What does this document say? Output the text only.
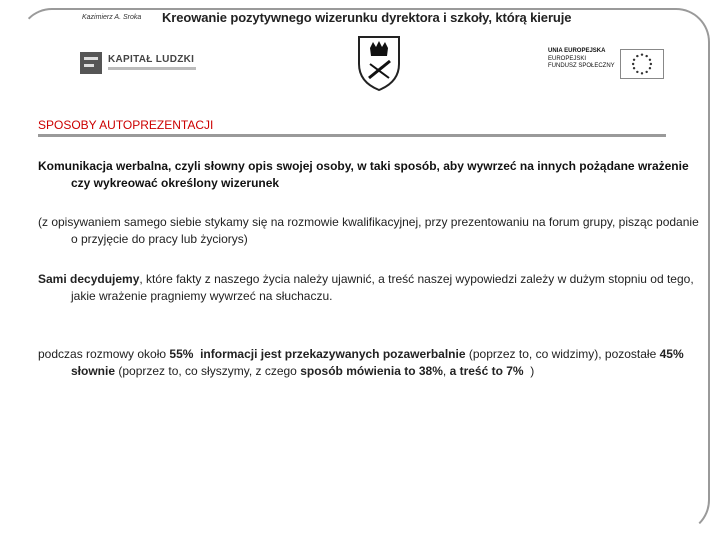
Kazimierz A. Sroka Kreowanie pozytywnego wizerunku dyrektora i szkoły, którą kieruje
KAPITAŁ LUDZKI
UNIA EUROPEJSKA
EUROPEJSKI
FUNDUSZ SPOŁECZNY
SPOSOBY AUTOPREZENTACJI
Komunikacja werbalna, czyli słowny opis swojej osoby, w taki sposób, aby wywrzeć na innych pożądane wrażenie czy wykreować określony wizerunek
(z opisywaniem samego siebie stykamy się na rozmowie kwalifikacyjnej, przy prezentowaniu na forum grupy, pisząc podanie o przyjęcie do pracy lub życiorys)
Sami decydujemy, które fakty z naszego życia należy ujawnić, a treść naszej wypowiedzi zależy w dużym stopniu od tego, jakie wrażenie pragniemy wywrzeć na słuchaczu.
podczas rozmowy około 55% informacji jest przekazywanych pozawerbalnie (poprzez to, co widzimy), pozostałe 45% słownie (poprzez to, co słyszymy, z czego sposób mówienia to 38%, a treść to 7%  )
